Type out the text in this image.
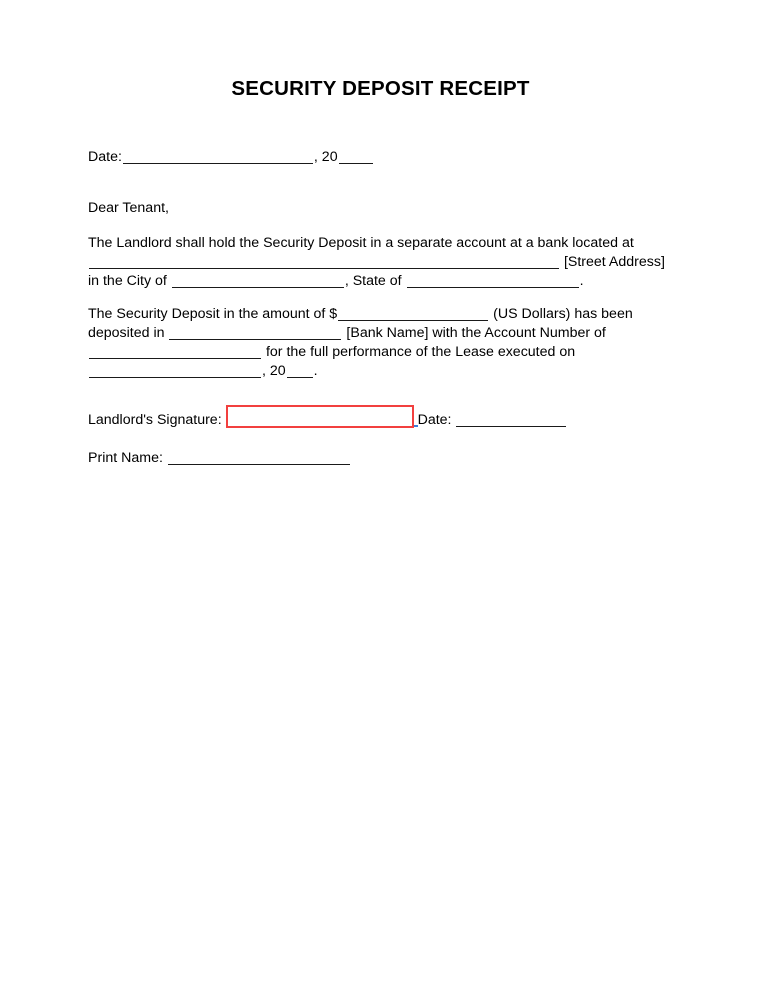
SECURITY DEPOSIT RECEIPT
Date:	, 20
Dear Tenant,
The Landlord shall hold the Security Deposit in a separate account at a bank located at
[Street Address]
in the City of	, State of	.
The Security Deposit in the amount of $	(US Dollars) has been
deposited in	[Bank Name] with the Account Number of
for the full performance of the Lease executed on
, 20 .
Landlord's Signature:	Date:
Print Name:
